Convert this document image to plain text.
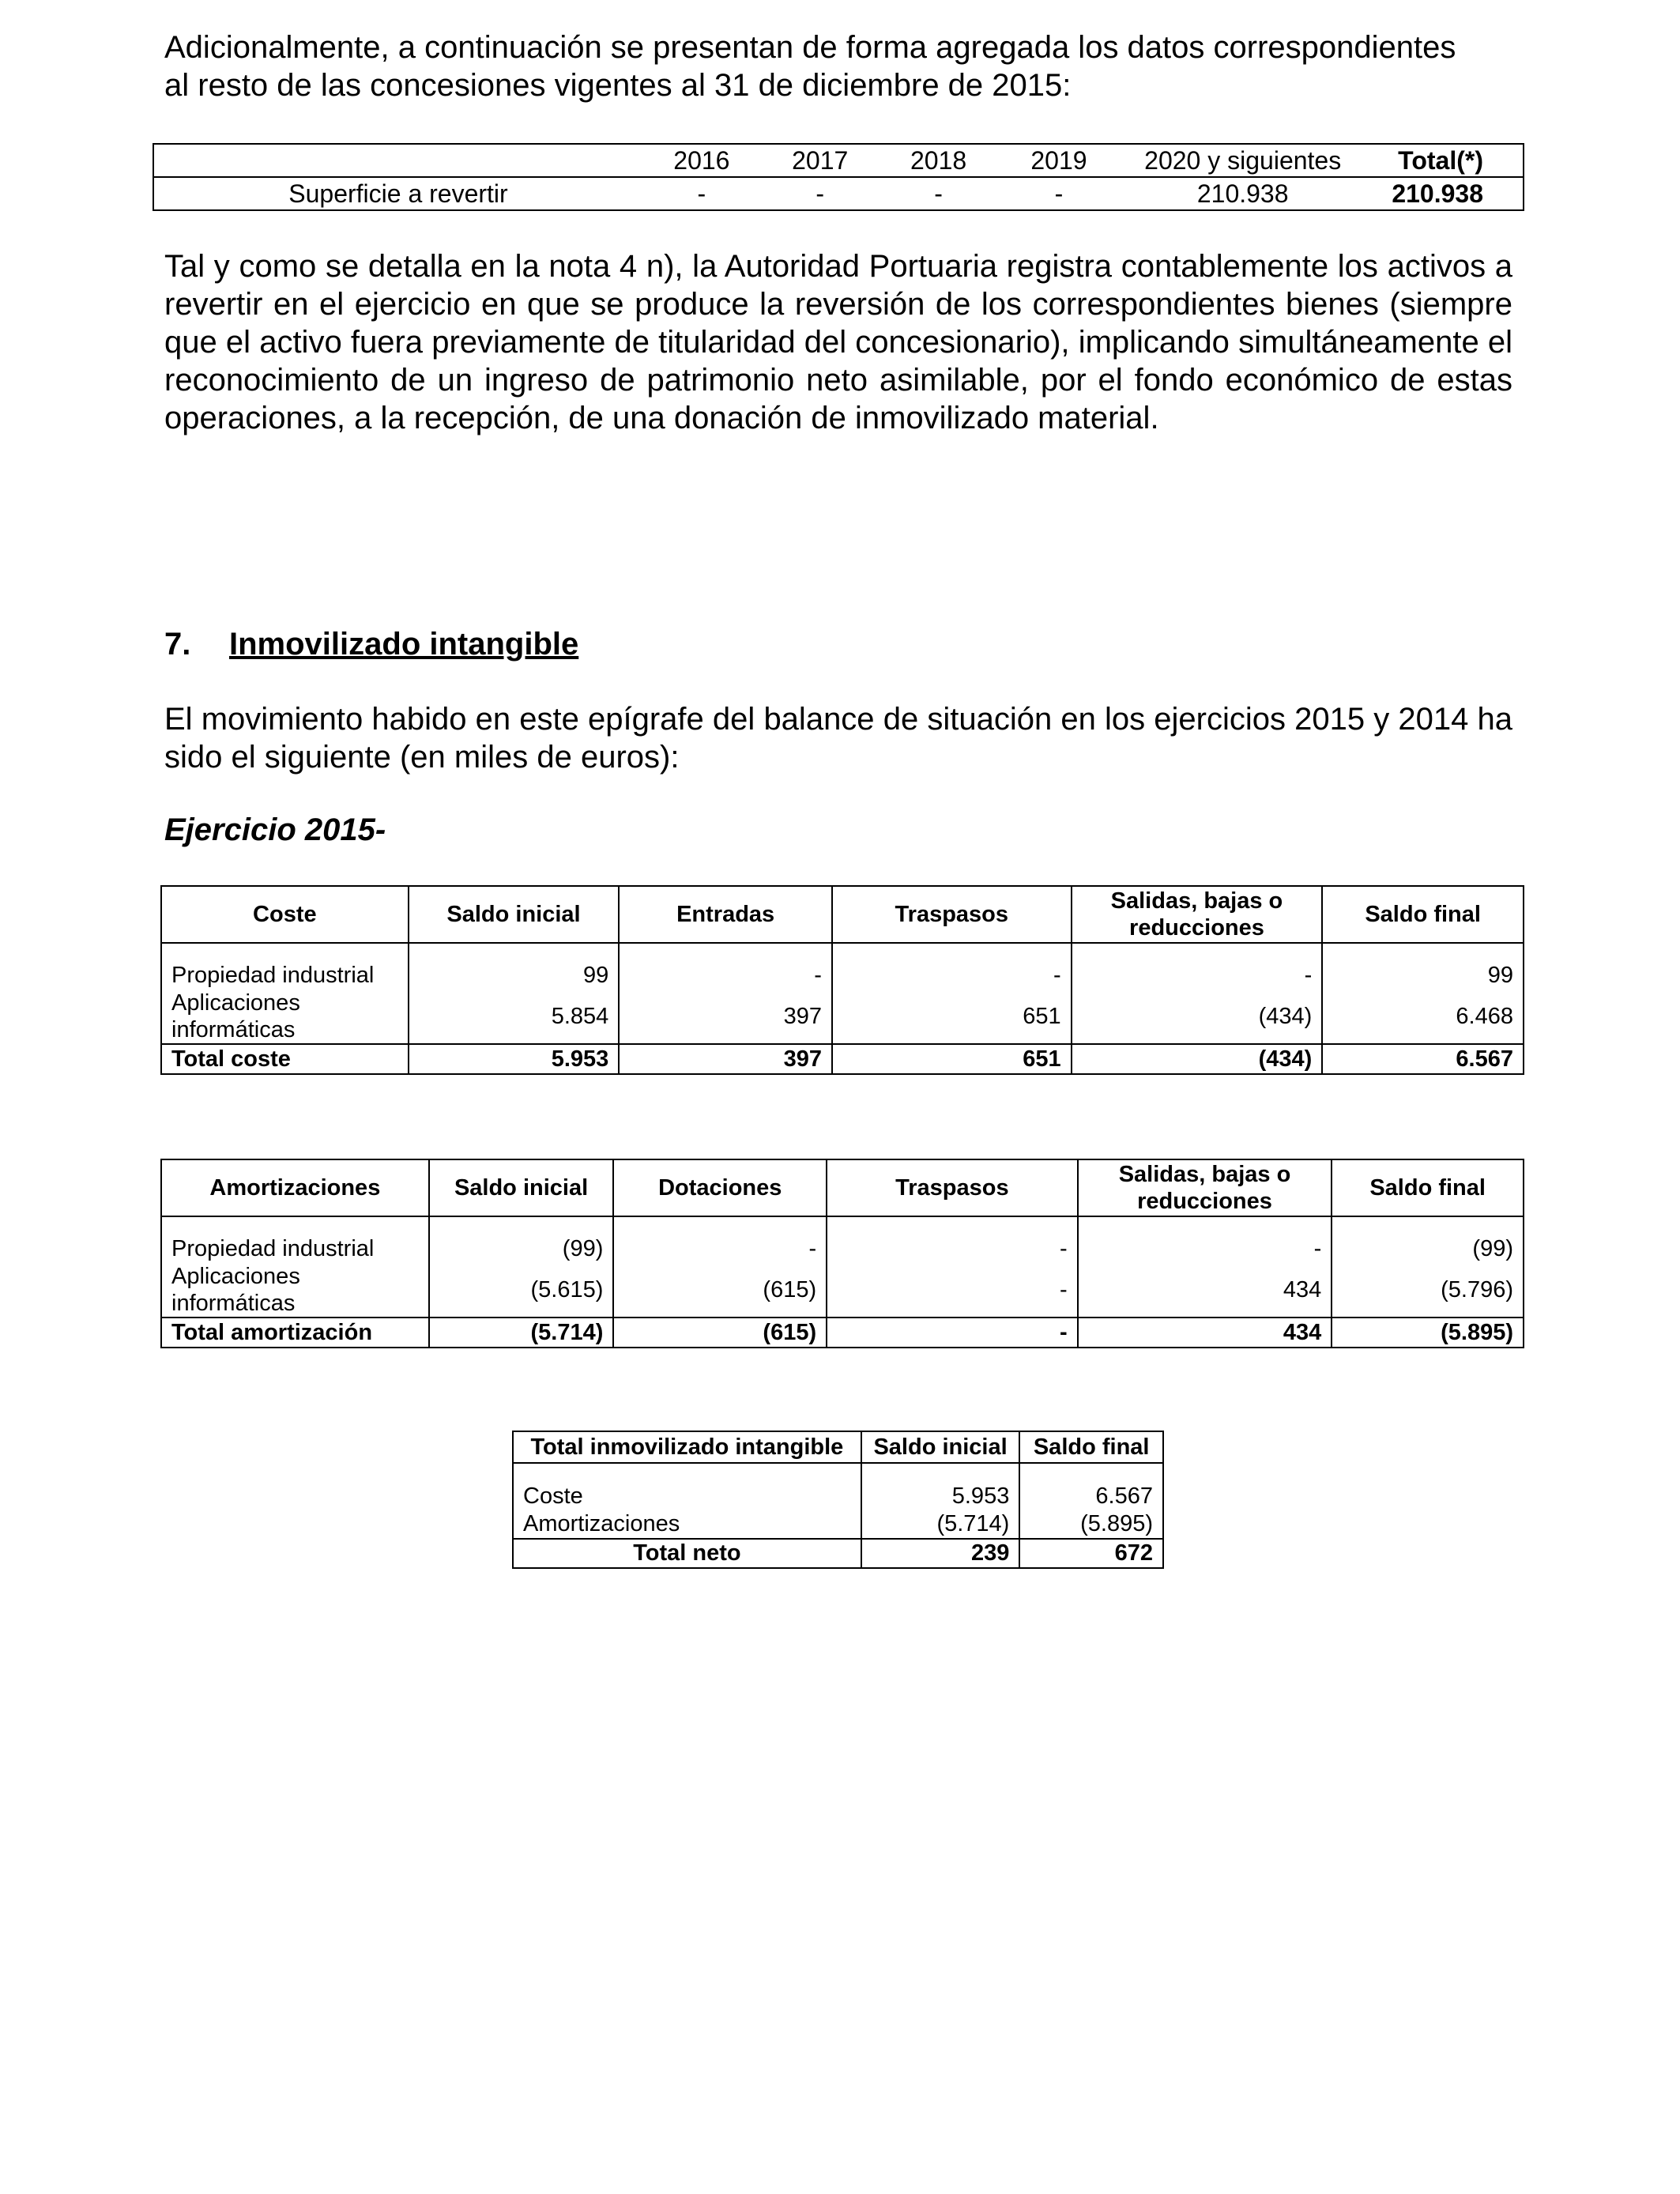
Adicionalmente, a continuación se presentan de forma agregada los datos correspondientes

al resto de las concesiones vigentes al 31 de diciembre de 2015:

	2016	2017	2018	2019	2020 y siguientes	Total(*)
Superficie a revertir	-	-	-	-	210.938	210.938

Tal y como se detalla en la nota 4 n), la Autoridad Portuaria registra contablemente los activos a revertir en el ejercicio en que se produce la reversión de los correspondientes bienes (siempre que el activo fuera previamente de titularidad del concesionario), implicando simultáneamente el reconocimiento de un ingreso de patrimonio neto asimilable, por el fondo económico de estas operaciones, a la recepción, de una donación de inmovilizado material.

7. Inmovilizado intangible

El movimiento habido en este epígrafe del balance de situación en los ejercicios 2015 y 2014 ha sido el siguiente (en miles de euros):

Ejercicio 2015-

Coste	Saldo inicial	Entradas	Traspasos	Salidas, bajas o reducciones	Saldo final

Propiedad industrial	99	-	-	-	99
Aplicaciones informáticas	5.854	397	651	(434)	6.468
Total coste	5.953	397	651	(434)	6.567
Amortizaciones	Saldo inicial	Dotaciones	Traspasos	Salidas, bajas o reducciones	Saldo final

Propiedad industrial	(99)	-	-	-	(99)
Aplicaciones informáticas	(5.615)	(615)	-	434	(5.796)
Total amortización	(5.714)	(615)	-	434	(5.895)
Total inmovilizado intangible	Saldo inicial	Saldo final

Coste	5.953	6.567
Amortizaciones	(5.714)	(5.895)
Total neto	239	672
